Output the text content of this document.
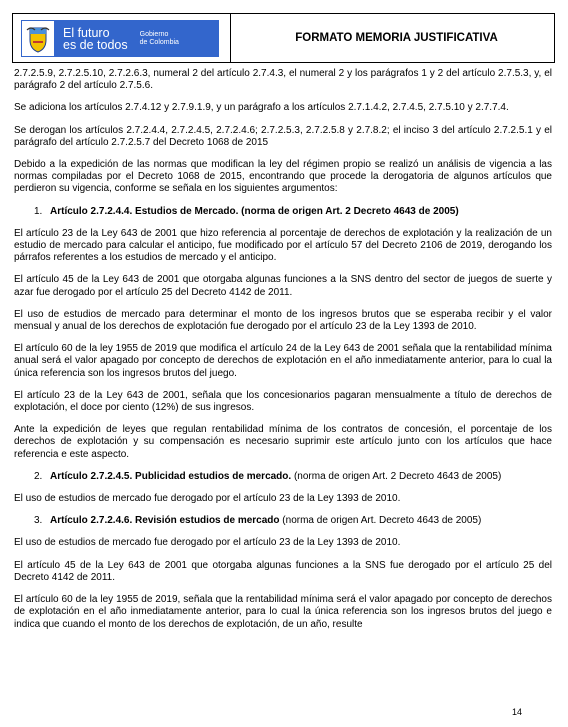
El futuro
es de todos
Gobierno
de Colombia	FORMATO MEMORIA JUSTIFICATIVA

2.7.2.5.9, 2.7.2.5.10, 2.7.2.6.3, numeral 2 del artículo 2.7.4.3, el numeral 2 y los parágrafos 1 y 2 del artículo 2.7.5.3, y, el parágrafo 2 del artículo 2.7.5.6.

Se adiciona los artículos 2.7.4.12 y 2.7.9.1.9, y un parágrafo a los artículos 2.7.1.4.2, 2.7.4.5, 2.7.5.10 y 2.7.7.4.

Se derogan los artículos 2.7.2.4.4, 2.7.2.4.5, 2.7.2.4.6; 2.7.2.5.3, 2.7.2.5.8 y 2.7.8.2; el inciso 3 del artículo 2.7.2.5.1 y el parágrafo del artículo 2.7.2.5.7 del Decreto 1068 de 2015

Debido a la expedición de las normas que modifican la ley del régimen propio se realizó un análisis de vigencia a las normas compiladas por el Decreto 1068 de 2015, encontrando que procede la derogatoria de algunos artículos que perdieron su vigencia, conforme se señala en los siguientes argumentos:

1. Artículo 2.7.2.4.4. Estudios de Mercado. (norma de origen Art. 2 Decreto 4643 de 2005)

El artículo 23 de la Ley 643 de 2001 que hizo referencia al porcentaje de derechos de explotación y la realización de un estudio de mercado para calcular el anticipo, fue modificado por el artículo 57 del Decreto 2106 de 2019, derogando los párrafos referentes a los estudios de mercado y el anticipo.

El artículo 45 de la Ley 643 de 2001 que otorgaba algunas funciones a la SNS dentro del sector de juegos de suerte y azar fue derogado por el artículo 25 del Decreto 4142 de 2011.

El uso de estudios de mercado para determinar el monto de los ingresos brutos que se esperaba recibir y el valor mensual y anual de los derechos de explotación fue derogado por el artículo 23 de la Ley 1393 de 2010.

El artículo 60 de la ley 1955 de 2019 que modifica el artículo 24 de la Ley 643 de 2001 señala que la rentabilidad mínima anual será el valor apagado por concepto de derechos de explotación en el año inmediatamente anterior, para lo cual la única referencia son los ingresos brutos del juego.

El artículo 23 de la Ley 643 de 2001, señala que los concesionarios pagaran mensualmente a título de derechos de explotación, el doce por ciento (12%) de sus ingresos.

Ante la expedición de leyes que regulan rentabilidad mínima de los contratos de concesión, el porcentaje de los derechos de explotación y su compensación es necesario suprimir este artículo junto con los artículos que hace referencia e este aspecto.

2. Artículo 2.7.2.4.5. Publicidad estudios de mercado. (norma de origen Art. 2 Decreto 4643 de 2005)

El uso de estudios de mercado fue derogado por el artículo 23 de la Ley 1393 de 2010.

3. Artículo 2.7.2.4.6. Revisión estudios de mercado (norma de origen Art. Decreto 4643 de 2005)

El uso de estudios de mercado fue derogado por el artículo 23 de la Ley 1393 de 2010.

El artículo 45 de la Ley 643 de 2001 que otorgaba algunas funciones a la SNS fue derogado por el artículo 25 del Decreto 4142 de 2011.

El artículo 60 de la ley 1955 de 2019, señala que la rentabilidad mínima será el valor apagado por concepto de derechos de explotación en el año inmediatamente anterior, para lo cual la única referencia son los ingresos brutos del juego e indica que cuando el monto de los derechos de explotación, de un año, resulte

14
